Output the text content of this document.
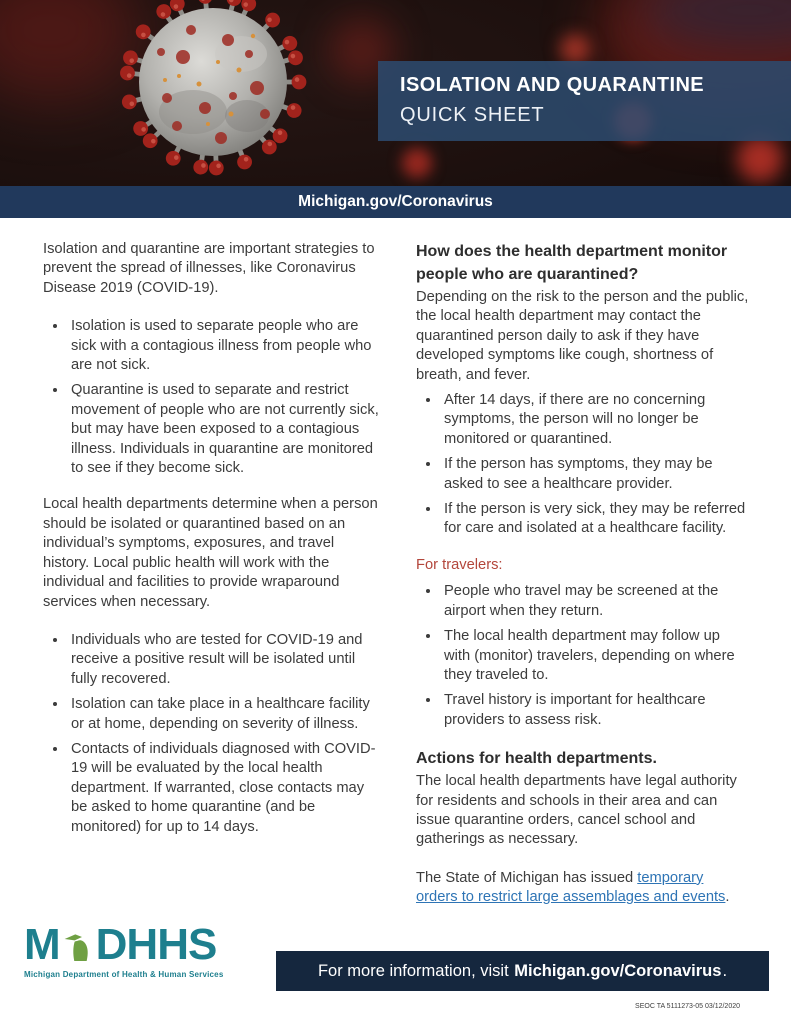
ISOLATION AND QUARANTINE
QUICK SHEET
Michigan.gov/Coronavirus

Isolation and quarantine are important strategies to prevent the spread of illnesses, like Coronavirus Disease 2019 (COVID-19).

• Isolation is used to separate people who are sick with a contagious illness from people who are not sick.
• Quarantine is used to separate and restrict movement of people who are not currently sick, but may have been exposed to a contagious illness. Individuals in quarantine are monitored to see if they become sick.

Local health departments determine when a person should be isolated or quarantined based on an individual’s symptoms, exposures, and travel history. Local public health will work with the individual and facilities to provide wraparound services when necessary.

• Individuals who are tested for COVID-19 and receive a positive result will be isolated until fully recovered.
• Isolation can take place in a healthcare facility or at home, depending on severity of illness.
• Contacts of individuals diagnosed with COVID-19 will be evaluated by the local health department. If warranted, close contacts may be asked to home quarantine (and be monitored) for up to 14 days.
How does the health department monitor people who are quarantined?

Depending on the risk to the person and the public, the local health department may contact the quarantined person daily to ask if they have developed symptoms like cough, shortness of breath, and fever.

• After 14 days, if there are no concerning symptoms, the person will no longer be monitored or quarantined.
• If the person has symptoms, they may be asked to see a healthcare provider.
• If the person is very sick, they may be referred for care and isolated at a healthcare facility.
For travelers:
• People who travel may be screened at the airport when they return.
• The local health department may follow up with (monitor) travelers, depending on where they traveled to.
• Travel history is important for healthcare providers to assess risk.
Actions for health departments.

The local health departments have legal authority for residents and schools in their area and can issue quarantine orders, cancel school and gatherings as necessary.

The State of Michigan has issued temporary orders to restrict large assemblages and events.

M DHHS
Michigan Department of Health & Human Services	For more information, visit
Michigan.gov/Coronavirus .
SEOC TA 5111273-05 03/12/2020
